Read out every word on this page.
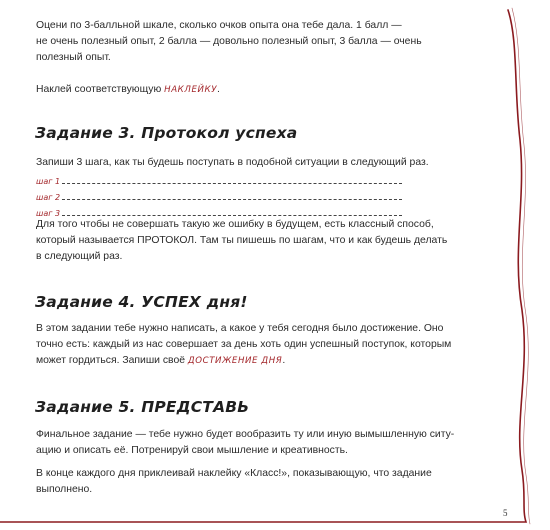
Оцени по 3-балльной шкале, сколько очков опыта она тебе дала. 1 балл —

не очень полезный опыт, 2 балла — довольно полезный опыт, 3 балла — очень

полезный опыт.

Наклей соответствующую НАКЛЕЙКУ.

Задание 3. Протокол успеха

Запиши 3 шага, как ты будешь поступать в подобной ситуации в следующий раз.

шаг 1
шаг 2
шаг 3

Для того чтобы не совершать такую же ошибку в будущем, есть классный способ,

который называется ПРОТОКОЛ. Там ты пишешь по шагам, что и как будешь делать

в следующий раз.

Задание 4. УСПЕХ дня!

В этом задании тебе нужно написать, а какое у тебя сегодня было достижение. Оно

точно есть: каждый из нас совершает за день хоть один успешный поступок, которым

может гордиться. Запиши своё ДОСТИЖЕНИЕ ДНЯ.

Задание 5. ПРЕДСТАВЬ

Финальное задание — тебе нужно будет вообразить ту или иную вымышленную ситу-

ацию и описать её. Потренируй свои мышление и креативность.

В конце каждого дня приклеивай наклейку «Класс!», показывающую, что задание

выполнено.

5
